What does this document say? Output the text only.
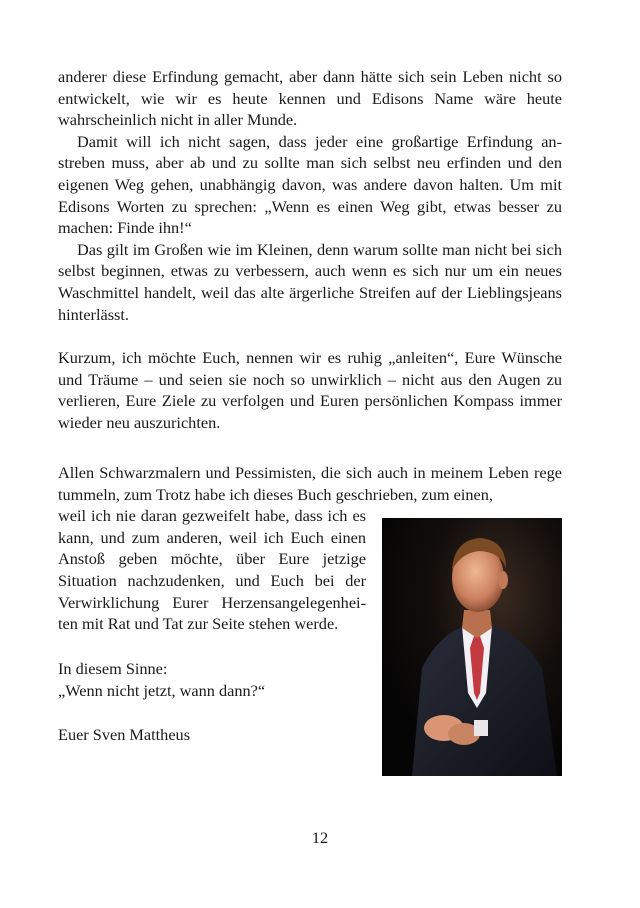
anderer diese Erfindung gemacht, aber dann hätte sich sein Leben nicht so entwickelt, wie wir es heute kennen und Edisons Name wäre heute wahrscheinlich nicht in aller Munde.

Damit will ich nicht sagen, dass jeder eine großartige Erfindung an- streben muss, aber ab und zu sollte man sich selbst neu erfinden und den eigenen Weg gehen, unabhängig davon, was andere davon halten. Um mit Edisons Worten zu sprechen: „Wenn es einen Weg gibt, etwas besser zu machen: Finde ihn!“

Das gilt im Großen wie im Kleinen, denn warum sollte man nicht bei sich selbst beginnen, etwas zu verbessern, auch wenn es sich nur um ein neues Waschmittel handelt, weil das alte ärgerliche Streifen auf der Lieblingsjeans hinterlässt.

Kurzum, ich möchte Euch, nennen wir es ruhig „anleiten“, Eure Wünsche und Träume – und seien sie noch so unwirklich – nicht aus den Augen zu verlieren, Eure Ziele zu verfolgen und Euren persönlichen Kompass immer wieder neu auszurichten.

Allen Schwarzmalern und Pessimisten, die sich auch in meinem Leben rege tummeln, zum Trotz habe ich dieses Buch geschrieben, zum einen,

weil ich nie daran gezweifelt habe, dass ich es kann, und zum anderen, weil ich Euch einen Anstoß geben möchte, über Eure jetzige Situation nachzudenken, und Euch bei der Verwirklichung Eurer Herzensangelegenhei- ten mit Rat und Tat zur Seite stehen werde.

In diesem Sinne:

„Wenn nicht jetzt, wann dann?“

Euer Sven Mattheus
12
